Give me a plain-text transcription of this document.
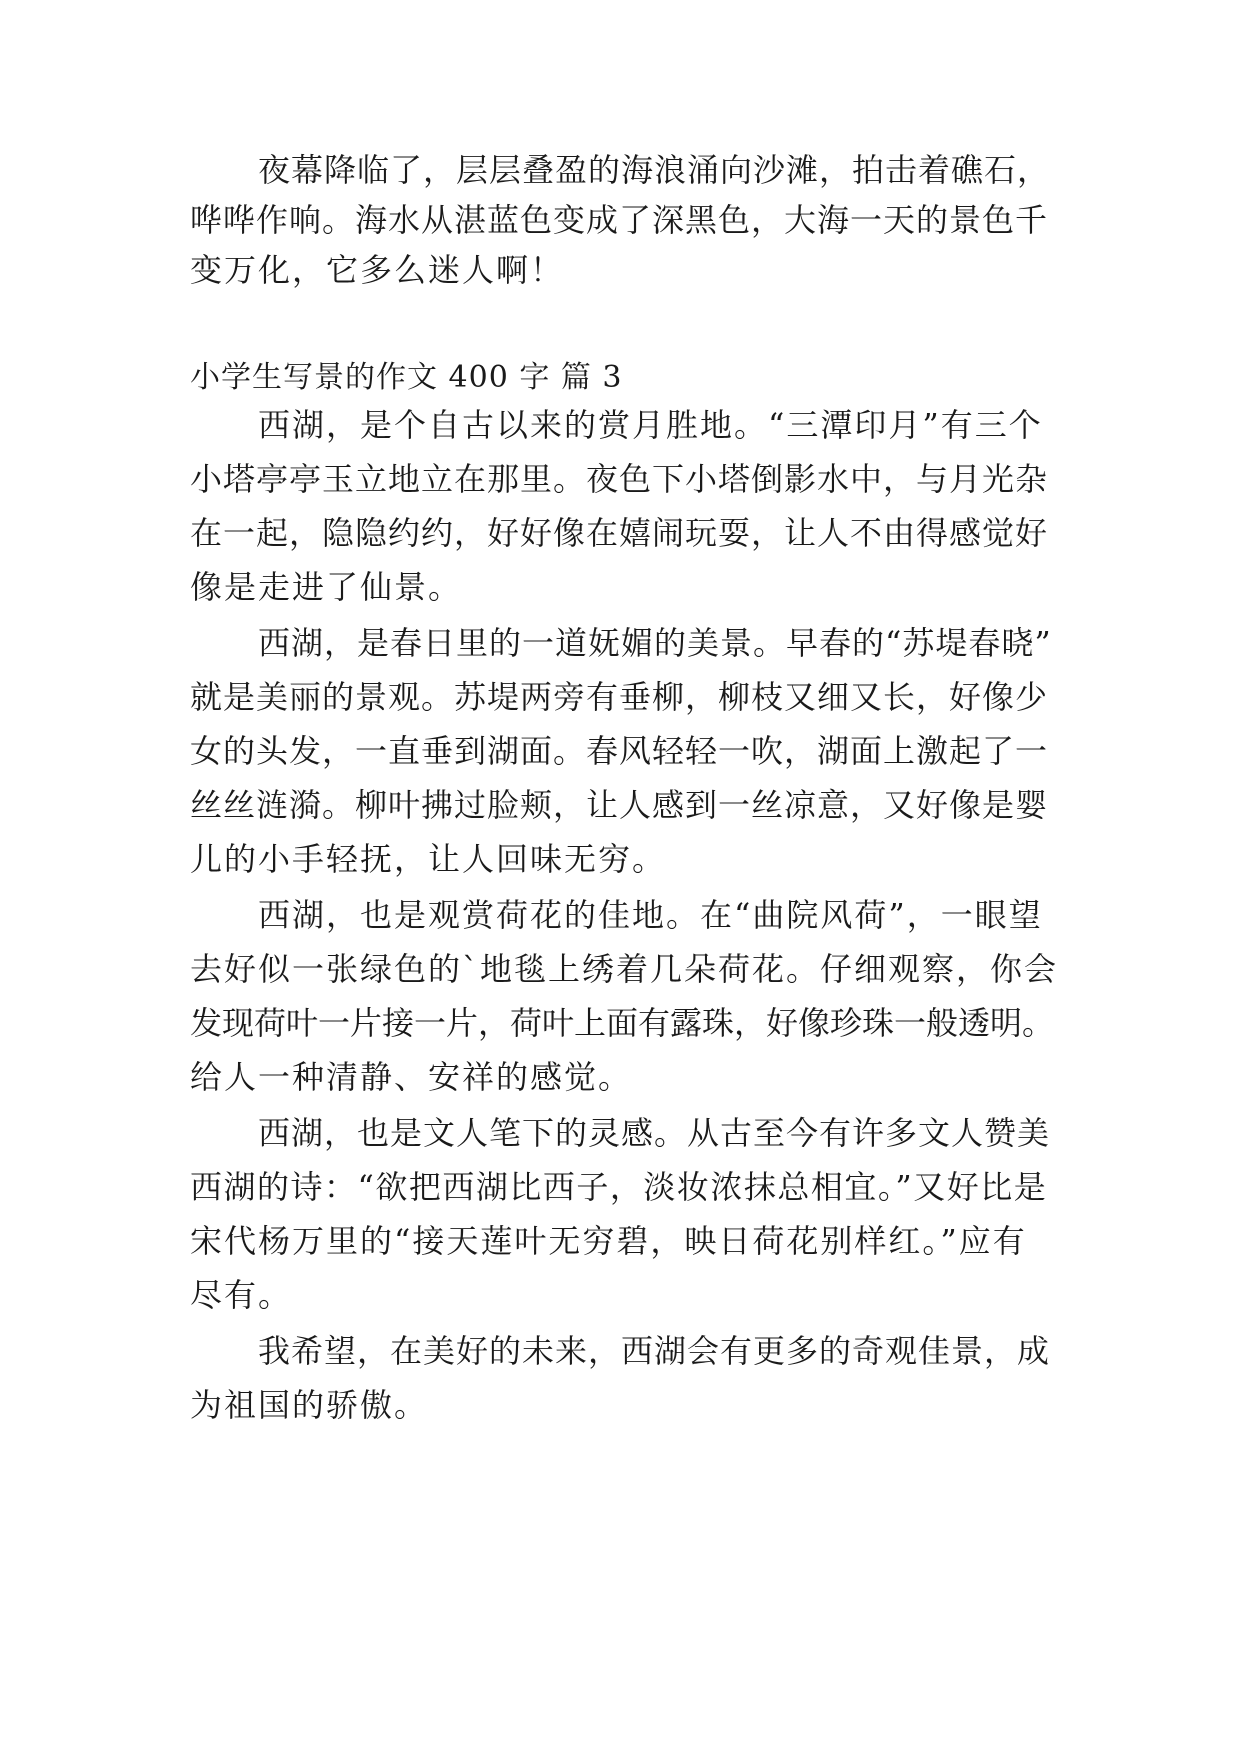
夜幕降临了，层层叠盈的海浪涌向沙滩，拍击着礁石，
哗哗作响。海水从湛蓝色变成了深黑色，大海一天的景色千
变万化，它多么迷人啊！
小学生写景的作文 400 字 篇 3
西湖，是个自古以来的赏月胜地。“三潭印月”有三个
小塔亭亭玉立地立在那里。夜色下小塔倒影水中，与月光杂
在一起，隐隐约约，好好像在嬉闹玩耍，让人不由得感觉好
像是走进了仙景。
西湖，是春日里的一道妩媚的美景。早春的“苏堤春晓”
就是美丽的景观。苏堤两旁有垂柳，柳枝又细又长，好像少
女的头发，一直垂到湖面。春风轻轻一吹，湖面上激起了一
丝丝涟漪。柳叶拂过脸颊，让人感到一丝凉意，又好像是婴
儿的小手轻抚，让人回味无穷。
西湖，也是观赏荷花的佳地。在“曲院风荷”，一眼望
去好似一张绿色的`地毯上绣着几朵荷花。仔细观察，你会
发现荷叶一片接一片，荷叶上面有露珠，好像珍珠一般透明。
给人一种清静、安祥的感觉。
西湖，也是文人笔下的灵感。从古至今有许多文人赞美
西湖的诗：“欲把西湖比西子，淡妆浓抹总相宜。”又好比是
宋代杨万里的“接天莲叶无穷碧，映日荷花别样红。”应有
尽有。
我希望，在美好的未来，西湖会有更多的奇观佳景，成
为祖国的骄傲。
